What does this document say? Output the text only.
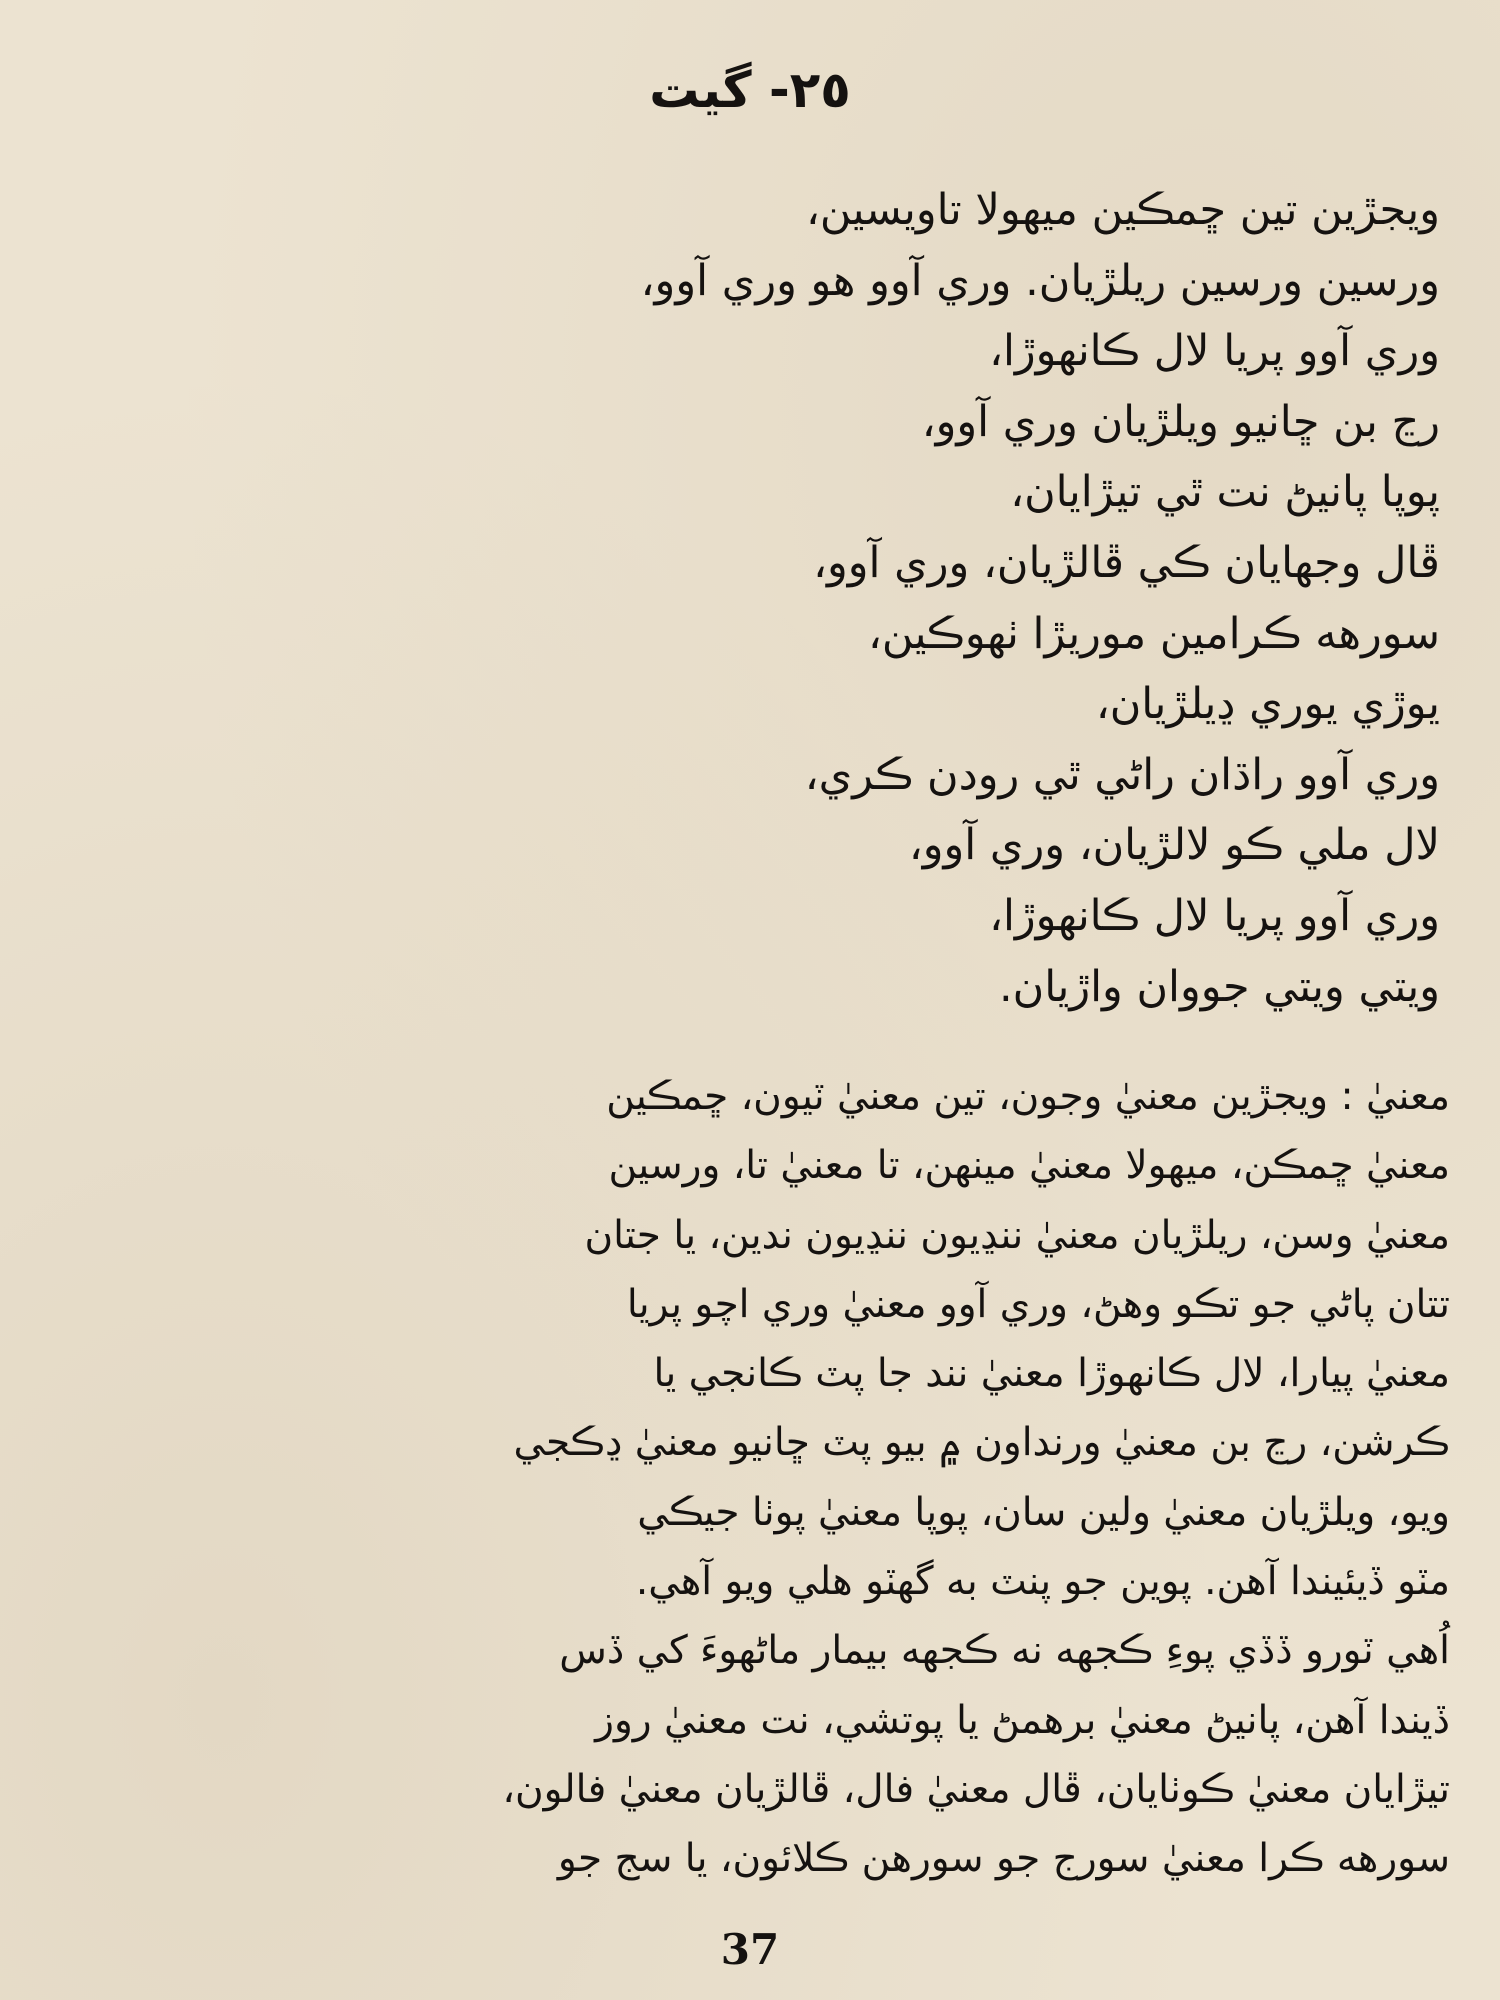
٢٥- گيت
ويجڙين تين ڇمڪين ميهولا تاويسين،
ورسين ورسين ريلڙيان. وري آوو هو وري آوو،
وري آوو پريا لال ڪانهوڙا،
رڃ بن ڇانيو ويلڙيان وري آوو،
پوپا پانيڻ نت ٿي تيڙايان،
ڦال وجهايان ڪي ڦالڙيان، وري آوو،
سورهه ڪرامين موريڙا ٺهوڪين،
يوڙي يوري ڍيلڙيان،
وري آوو راڌان راڻي ٿي رودن ڪري،
لال ملي ڪو لالڙيان، وري آوو،
وري آوو پريا لال ڪانهوڙا،
ويتي ويتي جووان واڙيان.
معنيٰ : ويجڙين معنيٰ وجون، تين معنيٰ ٽيون، ڇمڪين
معنيٰ ڇمڪن، ميهولا معنيٰ مينهن، تا معنيٰ تا، ورسين
معنيٰ وسن، ريلڙيان معنيٰ ننڍيون ننڍيون ندين، يا جتان
تتان پاڻي جو تڪو وهڻ، وري آوو معنيٰ وري اچو پريا
معنيٰ پيارا، لال ڪانهوڙا معنيٰ نند جا پٽ ڪانجي يا
ڪرشن، رڃ بن معنيٰ ورنداون ۾ بيو پٽ ڇانيو معنيٰ ڍڪجي
ويو، ويلڙيان معنيٰ ولين سان، پوپا معنيٰ پوٺا جيڪي
مٽو ڏيئيندا آهن. پوين جو پنٽ به گهٽو هلي ويو آهي.
اُهي ٽورو ڏڏي پوءِ ڪجهه نه ڪجهه بيمار ماڻهوءَ کي ڏس
ڏيندا آهن، پانيڻ معنيٰ برهمڻ يا پوتشي، نت معنيٰ روز
تيڙايان معنيٰ ڪوٺايان، ڦال معنيٰ فال، ڦالڙيان معنيٰ فالون،
سورهه ڪرا معنيٰ سورج جو سورهن ڪلائون، يا سج جو
37
